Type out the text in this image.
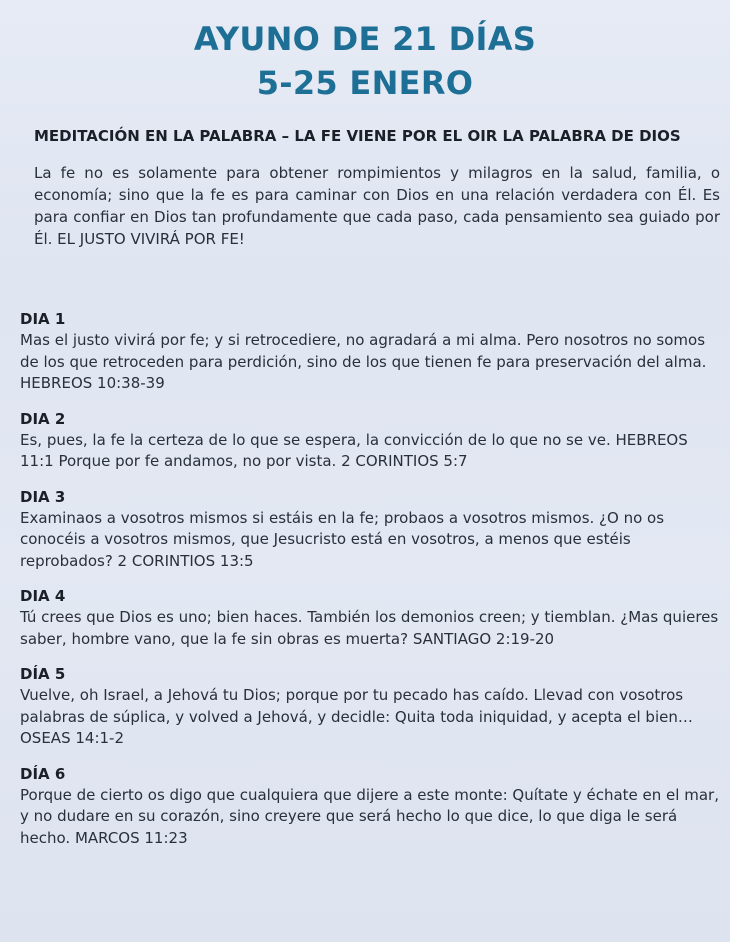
AYUNO DE 21 DÍAS
5-25 ENERO

MEDITACIÓN EN LA PALABRA – LA FE VIENE POR EL OIR LA PALABRA DE DIOS

La fe no es solamente para obtener rompimientos y milagros en la salud, familia, o economía; sino que la fe es para caminar con Dios en una relación verdadera con Él. Es para confiar en Dios tan profundamente que cada paso, cada pensamiento sea guiado por Él. EL JUSTO VIVIRÁ POR FE!

DIA 1

Mas el justo vivirá por fe; y si retrocediere, no agradará a mi alma. Pero nosotros no somos de los que retroceden para perdición, sino de los que tienen fe para preservación del alma. HEBREOS 10:38-39

DIA 2

Es, pues, la fe la certeza de lo que se espera, la convicción de lo que no se ve. HEBREOS 11:1 Porque por fe andamos, no por vista. 2 CORINTIOS 5:7

DIA 3

Examinaos a vosotros mismos si estáis en la fe; probaos a vosotros mismos. ¿O no os conocéis a vosotros mismos, que Jesucristo está en vosotros, a menos que estéis reprobados? 2 CORINTIOS 13:5

DIA 4

Tú crees que Dios es uno; bien haces. También los demonios creen; y tiemblan. ¿Mas quieres saber, hombre vano, que la fe sin obras es muerta? SANTIAGO 2:19-20

DÍA 5

Vuelve, oh Israel, a Jehová tu Dios; porque por tu pecado has caído. Llevad con vosotros palabras de súplica, y volved a Jehová, y decidle: Quita toda iniquidad, y acepta el bien… OSEAS 14:1-2

DÍA 6

Porque de cierto os digo que cualquiera que dijere a este monte: Quítate y échate en el mar, y no dudare en su corazón, sino creyere que será hecho lo que dice, lo que diga le será hecho. MARCOS 11:23
